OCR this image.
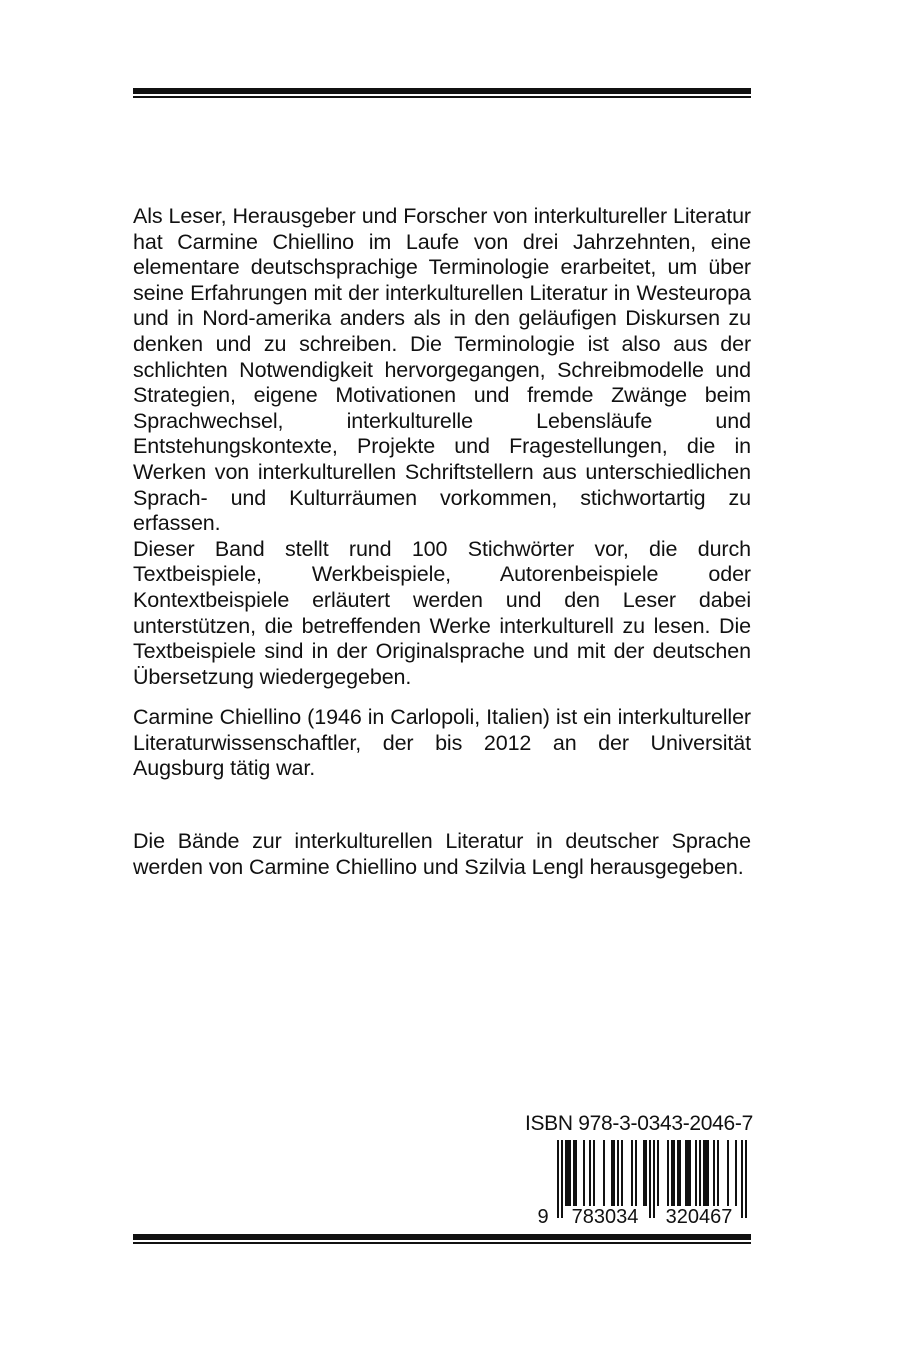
Als Leser, Herausgeber und Forscher von interkultureller Literatur hat Carmine Chiellino im Laufe von drei Jahrzehnten, eine elementare deutschsprachige Terminologie erarbeitet, um über seine Erfahrungen mit der interkulturellen Literatur in Westeuropa und in Nord-amerika anders als in den geläufigen Diskursen zu denken und zu schreiben. Die Terminologie ist also aus der schlichten Notwendigkeit hervorgegangen, Schreibmodelle und Strategien, eigene Motivationen und fremde Zwänge beim Sprachwechsel, interkulturelle Lebensläufe und Entstehungskontexte, Projekte und Fragestellungen, die in Werken von interkulturellen Schriftstellern aus unterschiedlichen Sprach- und Kulturräumen vorkommen, stichwortartig zu erfassen.

Dieser Band stellt rund 100 Stichwörter vor, die durch Textbeispiele, Werkbeispiele, Autorenbeispiele oder Kontextbeispiele erläutert werden und den Leser dabei unterstützen, die betreffenden Werke interkulturell zu lesen. Die Textbeispiele sind in der Originalsprache und mit der deutschen Übersetzung wiedergegeben.

Carmine Chiellino (1946 in Carlopoli, Italien) ist ein interkultureller Literaturwissenschaftler, der bis 2012 an der Universität Augsburg tätig war.

Die Bände zur interkulturellen Literatur in deutscher Sprache werden von Carmine Chiellino und Szilvia Lengl herausgegeben.

ISBN 978-3-0343-2046-7
9 783034 320467
